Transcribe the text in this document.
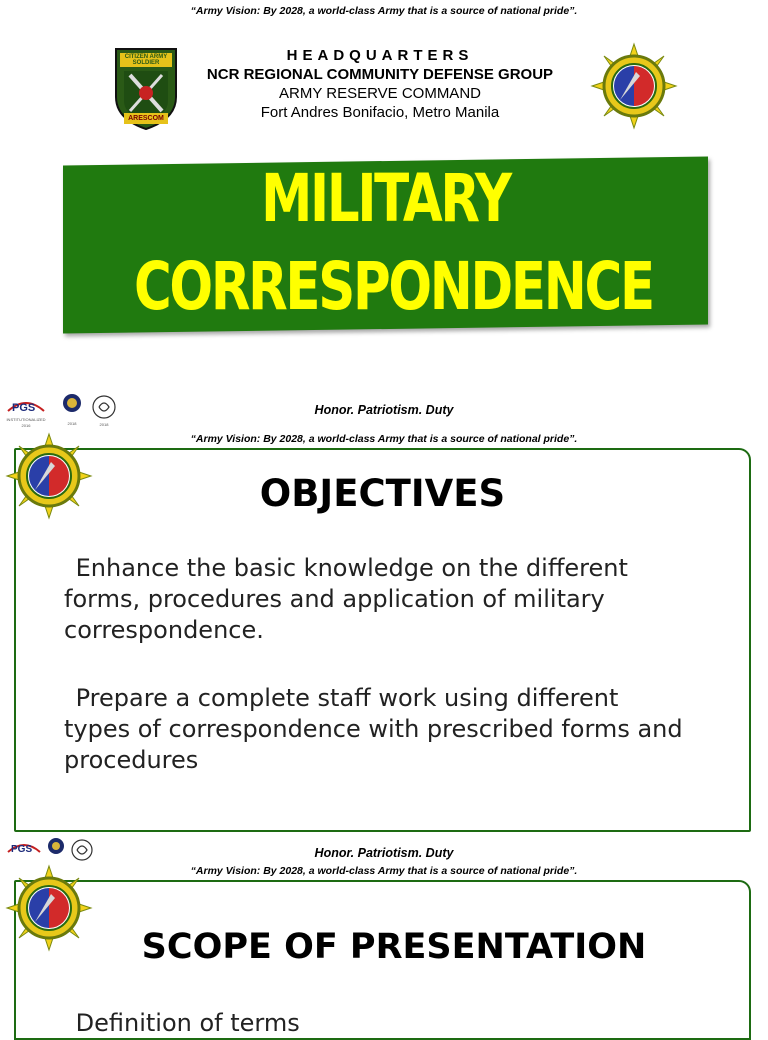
“Army Vision: By 2028, a world-class Army that is a source of national pride”.
CITIZEN ARMY SOLDIER
ARESCOM
HEADQUARTERS
NCR REGIONAL COMMUNITY DEFENSE GROUP
ARMY RESERVE COMMAND
Fort Andres Bonifacio, Metro Manila
MILITARY
CORRESPONDENCE
PGS
INSTITUTIONALIZED
2016	2018	2018
Honor. Patriotism. Duty
“Army Vision: By 2028, a world-class Army that is a source of national pride”.
OBJECTIVES
Enhance the basic knowledge on the different
forms, procedures and application of military
correspondence.
Prepare a complete staff work using different
types of correspondence with prescribed forms and
procedures
PGS	Honor. Patriotism. Duty
“Army Vision: By 2028, a world-class Army that is a source of national pride”.
SCOPE OF PRESENTATION
Definition of terms
